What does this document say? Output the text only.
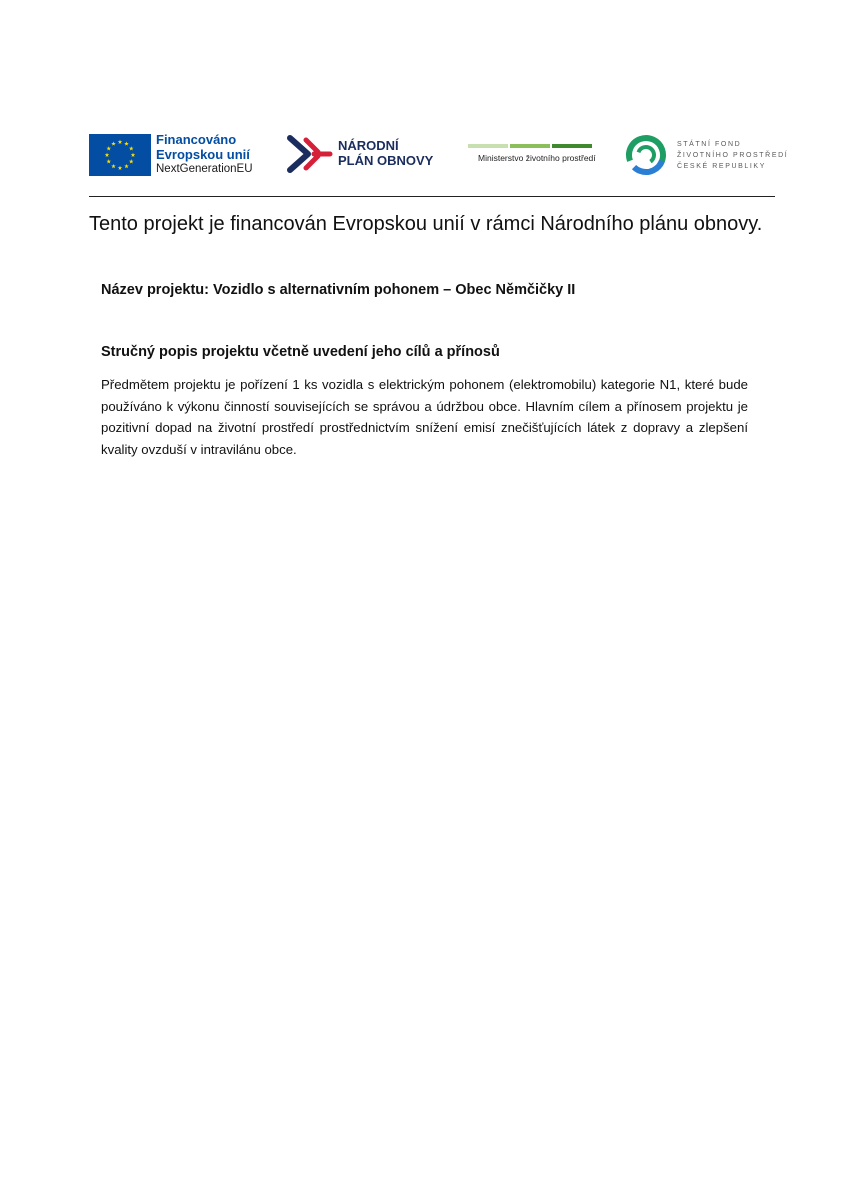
Financováno
Evropskou unií
NextGenerationEU
NÁRODNÍ
PLÁN OBNOVY	Ministerstvo životního prostředí
STÁTNÍ FOND
ŽIVOTNÍHO PROSTŘEDÍ
ČESKÉ REPUBLIKY
Tento projekt je financován Evropskou unií v rámci Národního plánu obnovy.
Název projektu: Vozidlo s alternativním pohonem – Obec Němčičky II
Stručný popis projektu včetně uvedení jeho cílů a přínosů

Předmětem projektu je pořízení 1 ks vozidla s elektrickým pohonem (elektromobilu) kategorie N1, které bude používáno k výkonu činností souvisejících se správou a údržbou obce. Hlavním cílem a přínosem projektu je pozitivní dopad na životní prostředí prostřednictvím snížení emisí znečišťujících látek z dopravy a zlepšení kvality ovzduší v intravilánu obce.
